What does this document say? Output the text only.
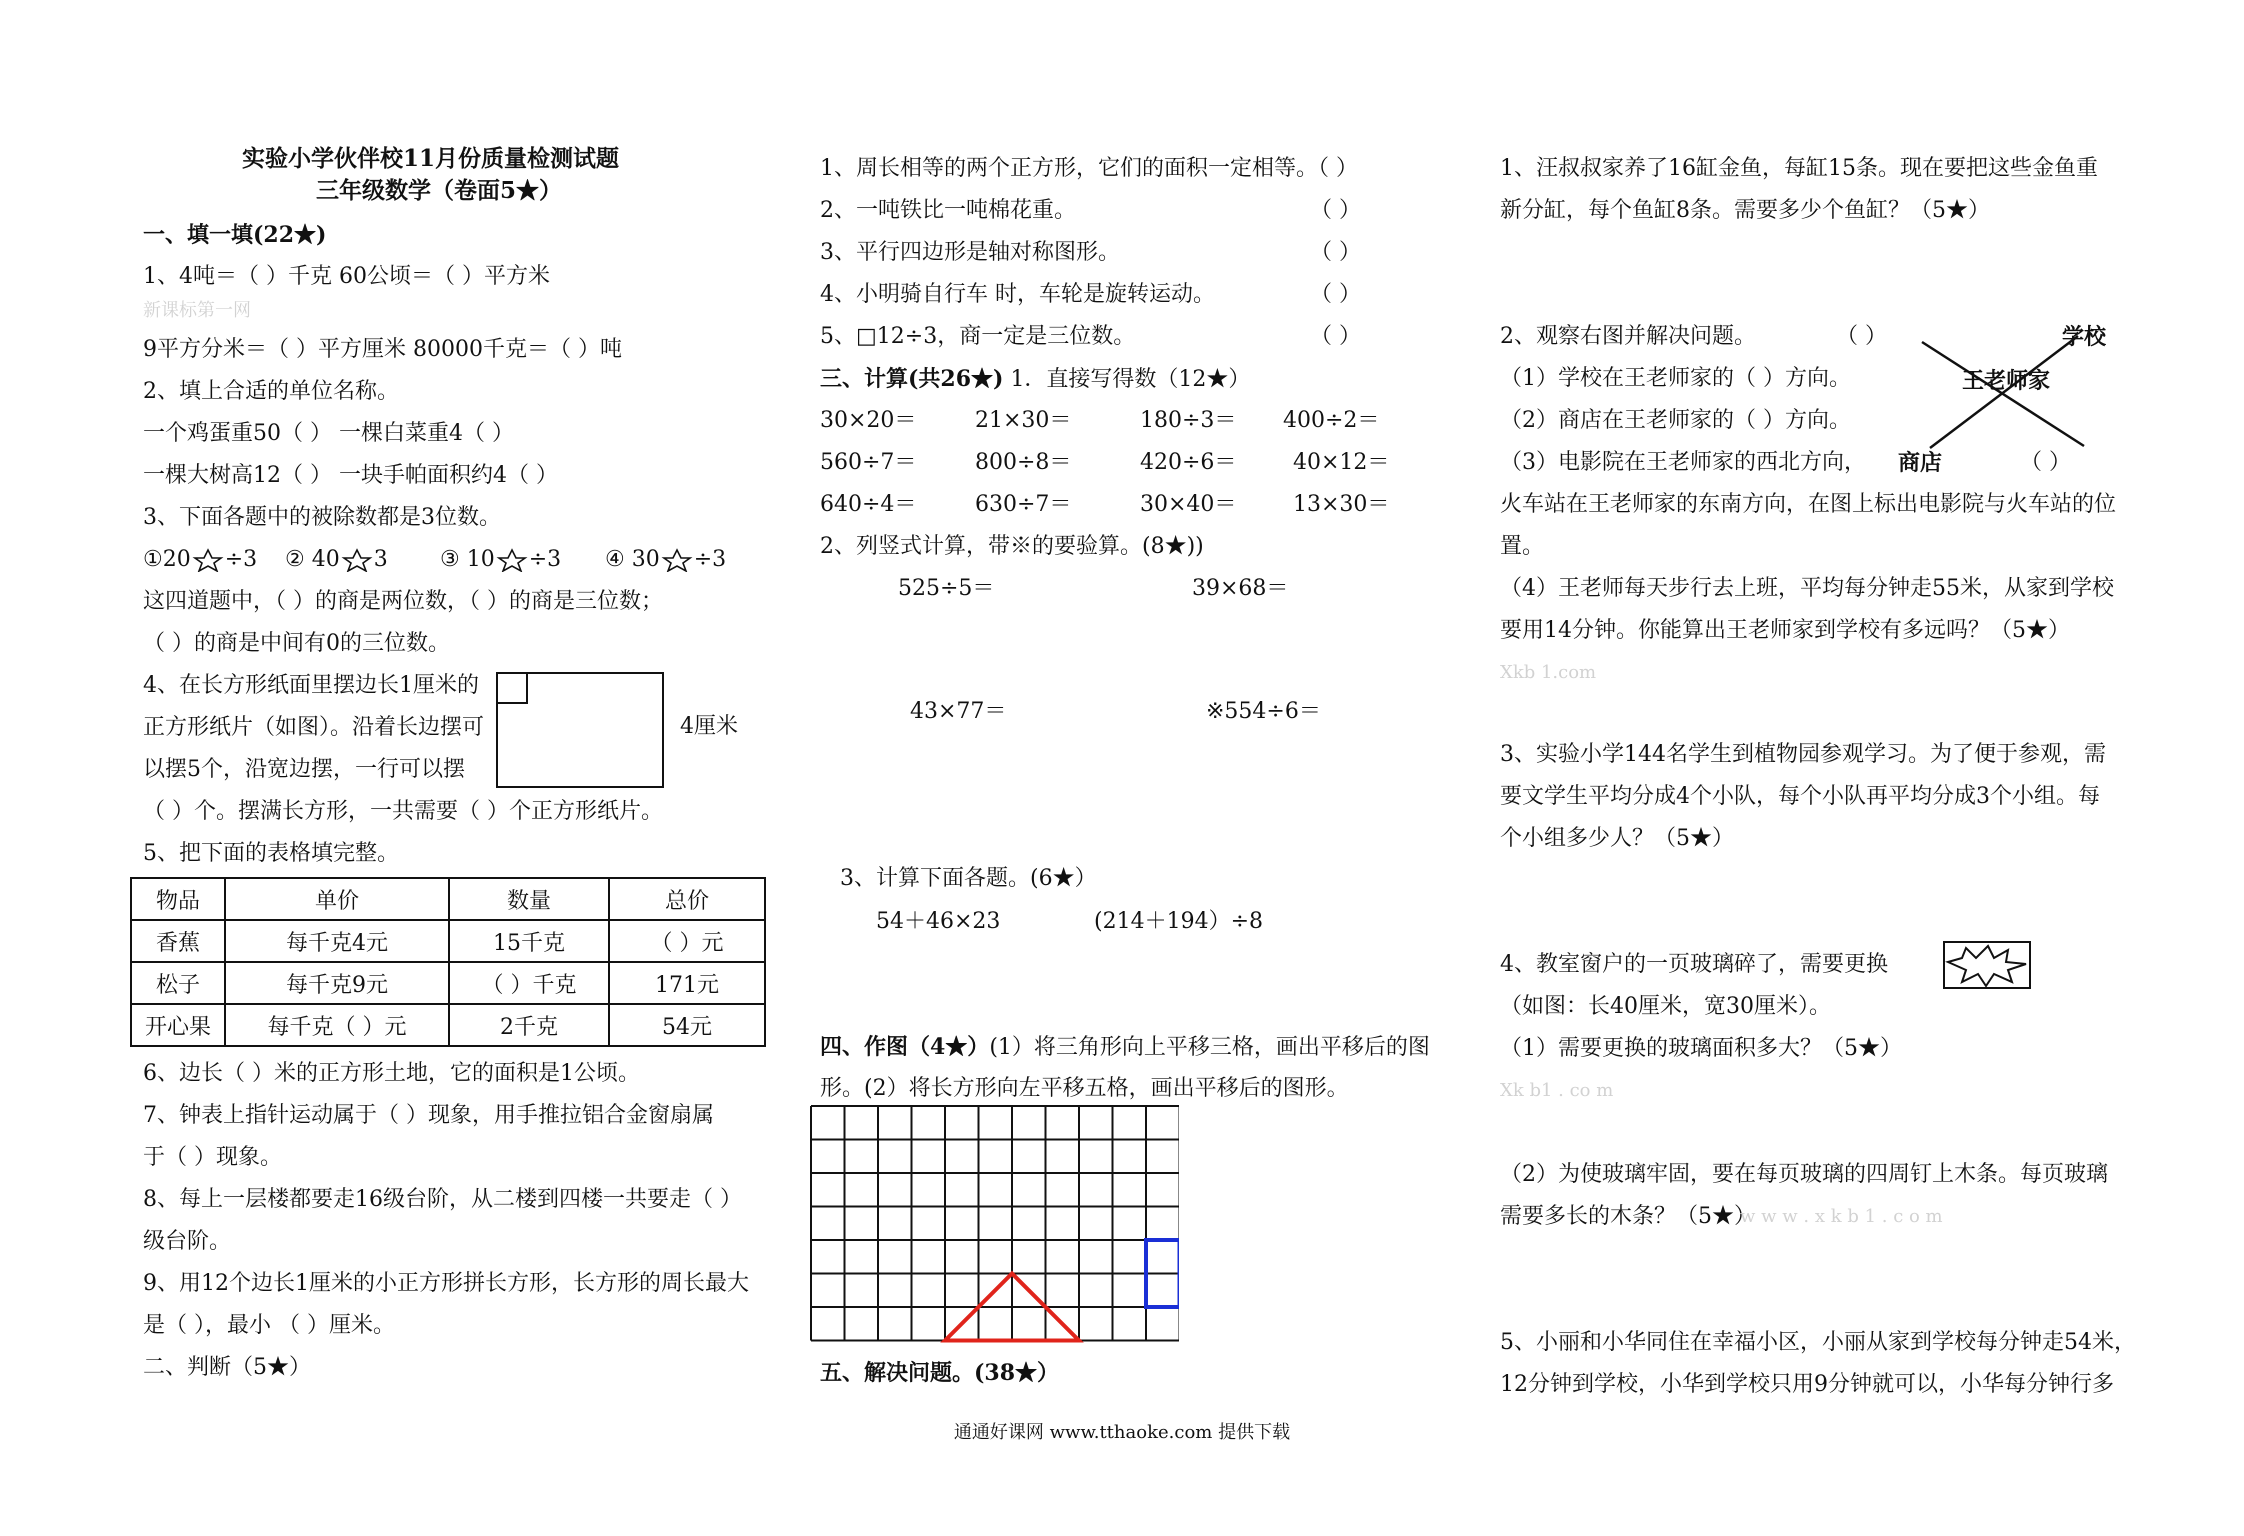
实验小学伙伴校11月份质量检测试题
三年级数学（卷面5★）
一、填一填(22★)
1、4吨＝（ ）千克 60公顷＝（ ）平方米
新课标第一网
9平方分米＝（ ）平方厘米 80000千克＝（ ）吨
2、填上合适的单位名称。
一个鸡蛋重50（ ） 一棵白菜重4（ ）
一棵大树高12（ ） 一块手帕面积约4（ ）
3、下面各题中的被除数都是3位数。
①20 ÷3 ② 40 3 ③ 10 ÷3 ④ 30 ÷3
这四道题中，（ ）的商是两位数，（ ）的商是三位数；
（ ）的商是中间有0的三位数。
4、在长方形纸面里摆边长1厘米的
正方形纸片（如图）。沿着长边摆可
以摆5个，沿宽边摆，一行可以摆
（ ）个。摆满长方形，一共需要（ ）个正方形纸片。
4厘米
5、把下面的表格填完整。
物品	单价	数量	总价
香蕉	每千克4元	15千克	（ ）元
松子	每千克9元	（ ）千克	171元
开心果	每千克（ ）元	2千克	54元
6、边长（ ）米的正方形土地，它的面积是1公顷。
7、钟表上指针运动属于（ ）现象，用手推拉铝合金窗扇属
于（ ）现象。
8、每上一层楼都要走16级台阶，从二楼到四楼一共要走（ ）
级台阶。
9、用12个边长1厘米的小正方形拼长方形，长方形的周长最大
是（ ），最小 （ ）厘米。
二、判断（5★）
1、周长相等的两个正方形，它们的面积一定相等。（ ）
2、一吨铁比一吨棉花重。	（ ）
3、平行四边形是轴对称图形。	（ ）
4、小明骑自行车 时，车轮是旋转运动。	（ ）
5、□12÷3，商一定是三位数。	（ ）
三、计算(共26★) 1．直接写得数（12★）
30×20＝	21×30＝	180÷3＝ 400÷2＝
560÷7＝	800÷8＝	420÷6＝	40×12＝
640÷4＝	630÷7＝	30×40＝	13×30＝
2、列竖式计算，带※的要验算。(8★))
525÷5＝	39×68＝
43×77＝	※554÷6＝
3、计算下面各题。(6★）
54＋46×23	(214＋194）÷8
四、作图（4★）(1）将三角形向上平移三格，画出平移后的图
形。(2）将长方形向左平移五格，画出平移后的图形。
五、解决问题。(38★）
1、汪叔叔家养了16缸金鱼，每缸15条。现在要把这些金鱼重
新分缸，每个鱼缸8条。需要多少个鱼缸？（5★）
2、观察右图并解决问题。	（ ）
（1）学校在王老师家的（ ）方向。
（2）商店在王老师家的（ ）方向。
（3）电影院在王老师家的西北方向，	（ ）
火车站在王老师家的东南方向，在图上标出电影院与火车站的位
置。
（4）王老师每天步行去上班，平均每分钟走55米，从家到学校
要用14分钟。你能算出王老师家到学校有多远吗？（5★）
学校
王老师家
商店
Xkb 1.com
3、实验小学144名学生到植物园参观学习。为了便于参观，需
要文学生平均分成4个小队，每个小队再平均分成3个小组。每
个小组多少人？（5★）
4、教室窗户的一页玻璃碎了，需要更换
（如图：长40厘米，宽30厘米）。
（1）需要更换的玻璃面积多大？（5★）
Xk b1 . co m
（2）为使玻璃牢固，要在每页玻璃的四周钉上木条。每页玻璃
需要多长的木条？（5★）
w w w . x k b 1 . c o m
5、小丽和小华同住在幸福小区，小丽从家到学校每分钟走54米，
12分钟到学校，小华到学校只用9分钟就可以，小华每分钟行多
通通好课网 www.tthaoke.com 提供下载
